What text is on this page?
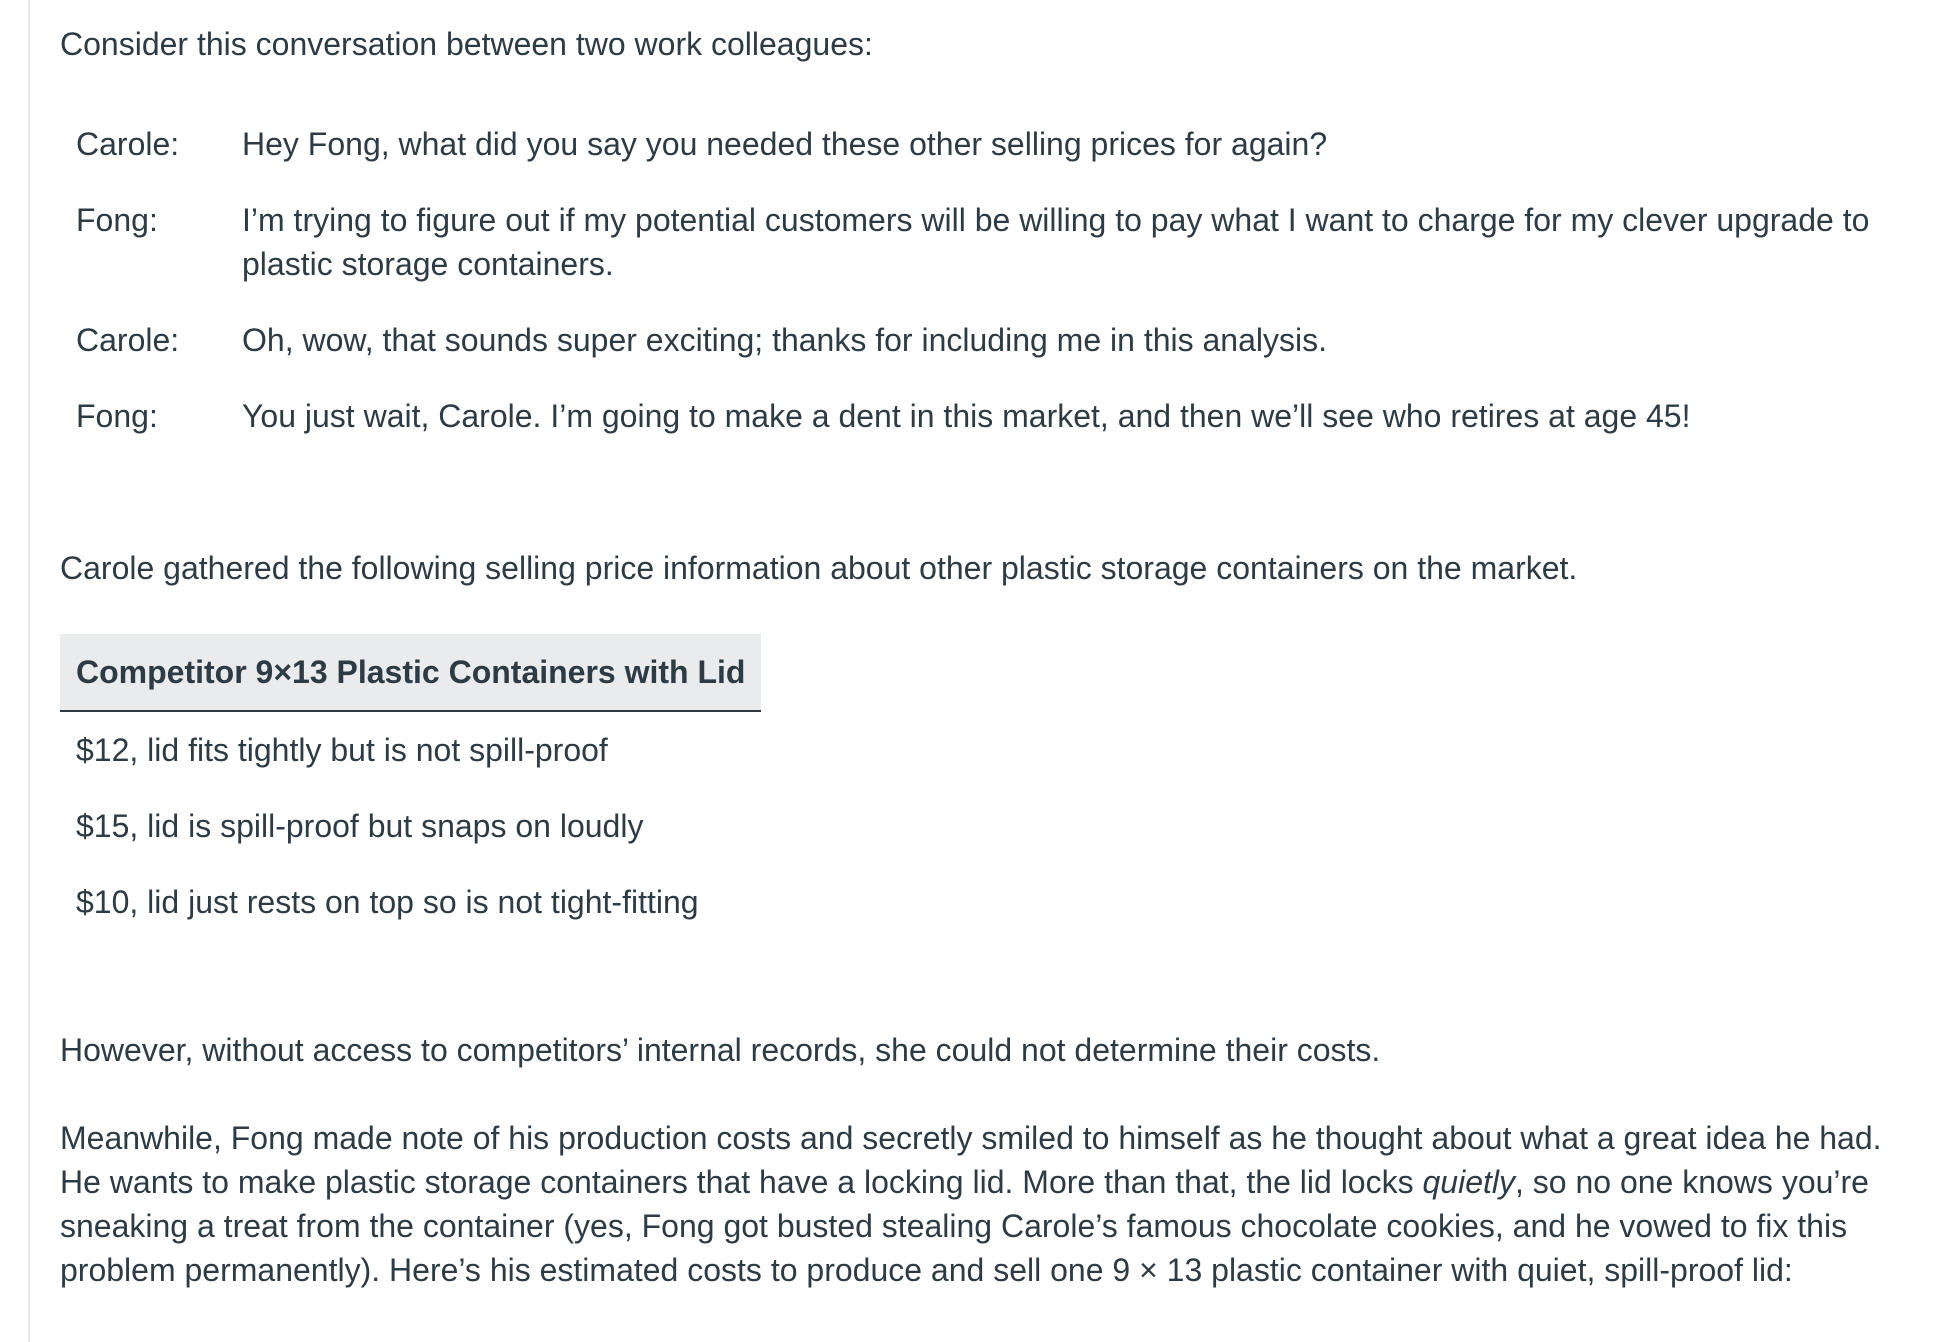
Consider this conversation between two work colleagues:

Carole:	Hey Fong, what did you say you needed these other selling prices for again?
Fong:	I’m trying to figure out if my potential customers will be willing to pay what I want to charge for my clever upgrade to plastic storage containers.
Carole:	Oh, wow, that sounds super exciting; thanks for including me in this analysis.
Fong:	You just wait, Carole. I’m going to make a dent in this market, and then we’ll see who retires at age 45!

Carole gathered the following selling price information about other plastic storage containers on the market.

Competitor 9×13 Plastic Containers with Lid
$12, lid fits tightly but is not spill-proof
$15, lid is spill-proof but snaps on loudly
$10, lid just rests on top so is not tight-fitting

However, without access to competitors’ internal records, she could not determine their costs.

Meanwhile, Fong made note of his production costs and secretly smiled to himself as he thought about what a great idea he had. He wants to make plastic storage containers that have a locking lid. More than that, the lid locks quietly, so no one knows you’re sneaking a treat from the container (yes, Fong got busted stealing Carole’s famous chocolate cookies, and he vowed to fix this problem permanently). Here’s his estimated costs to produce and sell one 9 × 13 plastic container with quiet, spill-proof lid:
